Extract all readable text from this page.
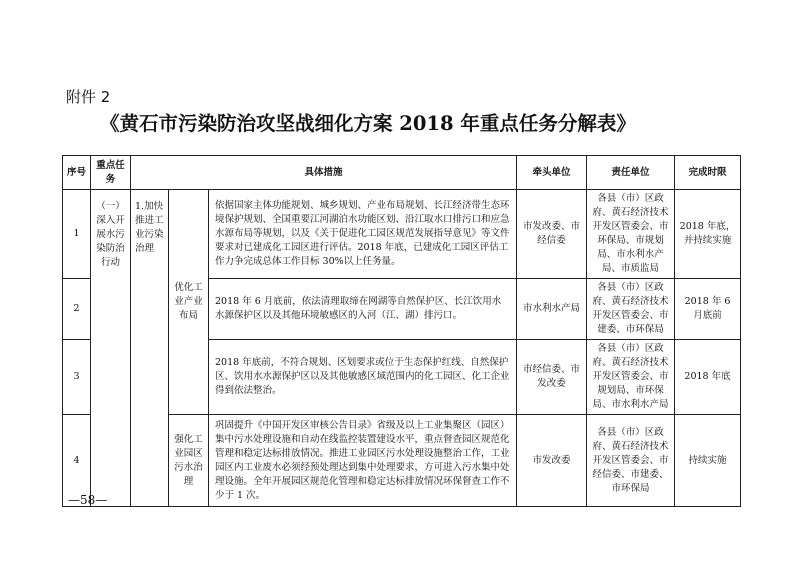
附件 2
《黄石市污染防治攻坚战细化方案 2018 年重点任务分解表》
序号	重点任务	具体措施			牵头单位	责任单位	完成时限
1	（一）深入开展水污染防治行动	1.加快推进工业污染治理	优化工业产业布局	依据国家主体功能规划、城乡规划、产业布局规划、长江经济带生态环境保护规划、全国重要江河湖泊水功能区划、沿江取水口排污口和应急水源布局等规划，以及《关于促进化工园区规范发展指导意见》等文件要求对已建成化工园区进行评估。2018 年底，已建成化工园区评估工作力争完成总体工作目标 30%以上任务量。	市发改委、市经信委	各县（市）区政府、黄石经济技术开发区管委会、市环保局、市规划局、市水利水产局、市质监局	2018 年底，并持续实施
2				2018 年 6 月底前，依法清理取缔在网湖等自然保护区、长江饮用水水源保护区以及其他环境敏感区的入河（江、湖）排污口。	市水利水产局	各县（市）区政府、黄石经济技术开发区管委会、市建委、市环保局	2018 年 6 月底前
3				2018 年底前，不符合规划、区划要求或位于生态保护红线、自然保护区、饮用水水源保护区以及其他敏感区域范围内的化工园区、化工企业得到依法整治。	市经信委、市发改委	各县（市）区政府、黄石经济技术开发区管委会、市规划局、市环保局、市水利水产局	2018 年底
4			强化工业园区污水治理	巩固提升《中国开发区审核公告目录》省级及以上工业集聚区（园区）集中污水处理设施和自动在线监控装置建设水平，重点督查园区规范化管理和稳定达标排放情况。推进工业园区污水处理设施整治工作，工业园区内工业废水必须经预处理达到集中处理要求，方可进入污水集中处理设施。全年开展园区规范化管理和稳定达标排放情况环保督查工作不少于 1 次。	市发改委	各县（市）区政府、黄石经济技术开发区管委会、市经信委、市建委、市环保局	持续实施
—58—
